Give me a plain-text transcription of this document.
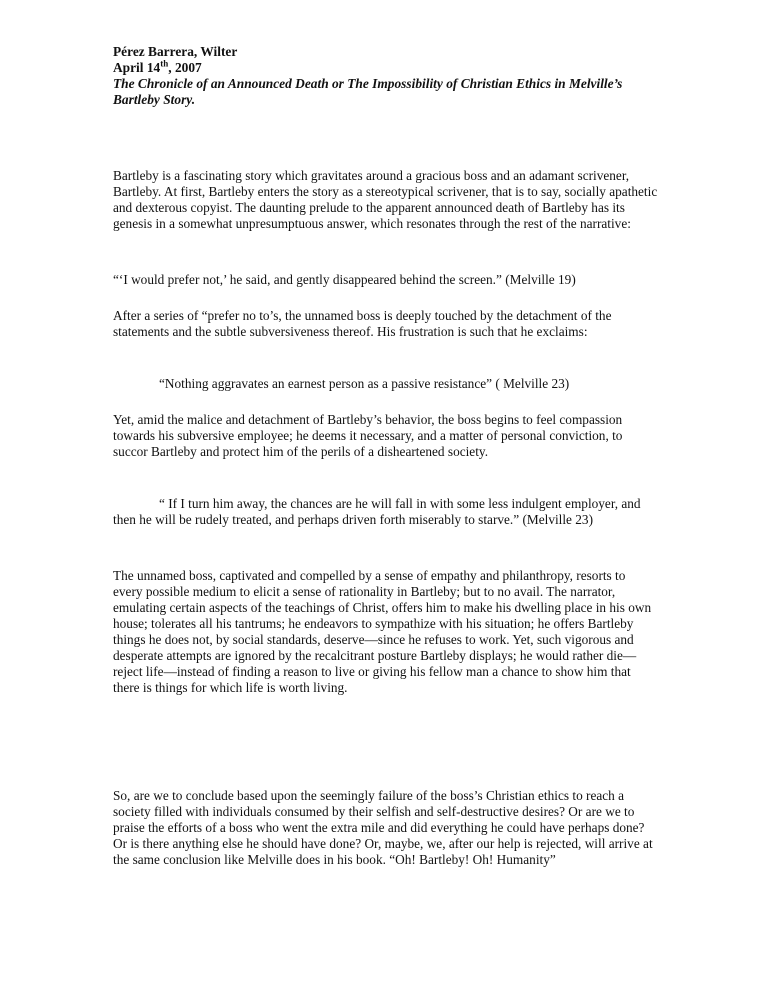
Pérez Barrera, Wilter

April 14th, 2007

The Chronicle of an Announced Death or The Impossibility of Christian Ethics in Melville’s Bartleby Story.

Bartleby is a fascinating story which gravitates around a gracious boss and an adamant scrivener, Bartleby. At first, Bartleby enters the story as a stereotypical scrivener, that is to say, socially apathetic and dexterous copyist. The daunting prelude to the apparent announced death of Bartleby has its genesis in a somewhat unpresumptuous answer, which resonates through the rest of the narrative:

“‘I would prefer not,’ he said, and gently disappeared behind the screen.” (Melville 19)

After a series of “prefer no to’s, the unnamed boss is deeply touched by the detachment of the statements and the subtle subversiveness thereof. His frustration is such that he exclaims:

“Nothing aggravates an earnest person as a passive resistance” ( Melville 23)

Yet, amid the malice and detachment of Bartleby’s behavior, the boss begins to feel compassion towards his subversive employee; he deems it necessary, and a matter of personal conviction, to succor Bartleby and protect him of the perils of a disheartened society.

“ If I turn him away, the chances are he will fall in with some less indulgent employer, and then he will be rudely treated, and perhaps driven forth miserably to starve.” (Melville 23)

The unnamed boss, captivated and compelled by a sense of empathy and philanthropy, resorts to every possible medium to elicit a sense of rationality in Bartleby; but to no avail. The narrator, emulating certain aspects of the teachings of Christ, offers him to make his dwelling place in his own house; tolerates all his tantrums; he endeavors to sympathize with his situation; he offers Bartleby things he does not, by social standards, deserve—since he refuses to work. Yet, such vigorous and desperate attempts are ignored by the recalcitrant posture Bartleby displays; he would rather die—reject life—instead of finding a reason to live or giving his fellow man a chance to show him that there is things for which life is worth living.

So, are we to conclude based upon the seemingly failure of the boss’s Christian ethics to reach a society filled with individuals consumed by their selfish and self-destructive desires? Or are we to praise the efforts of a boss who went the extra mile and did everything he could have perhaps done? Or is there anything else he should have done? Or, maybe, we, after our help is rejected, will arrive at the same conclusion like Melville does in his book. “Oh! Bartleby! Oh! Humanity”
